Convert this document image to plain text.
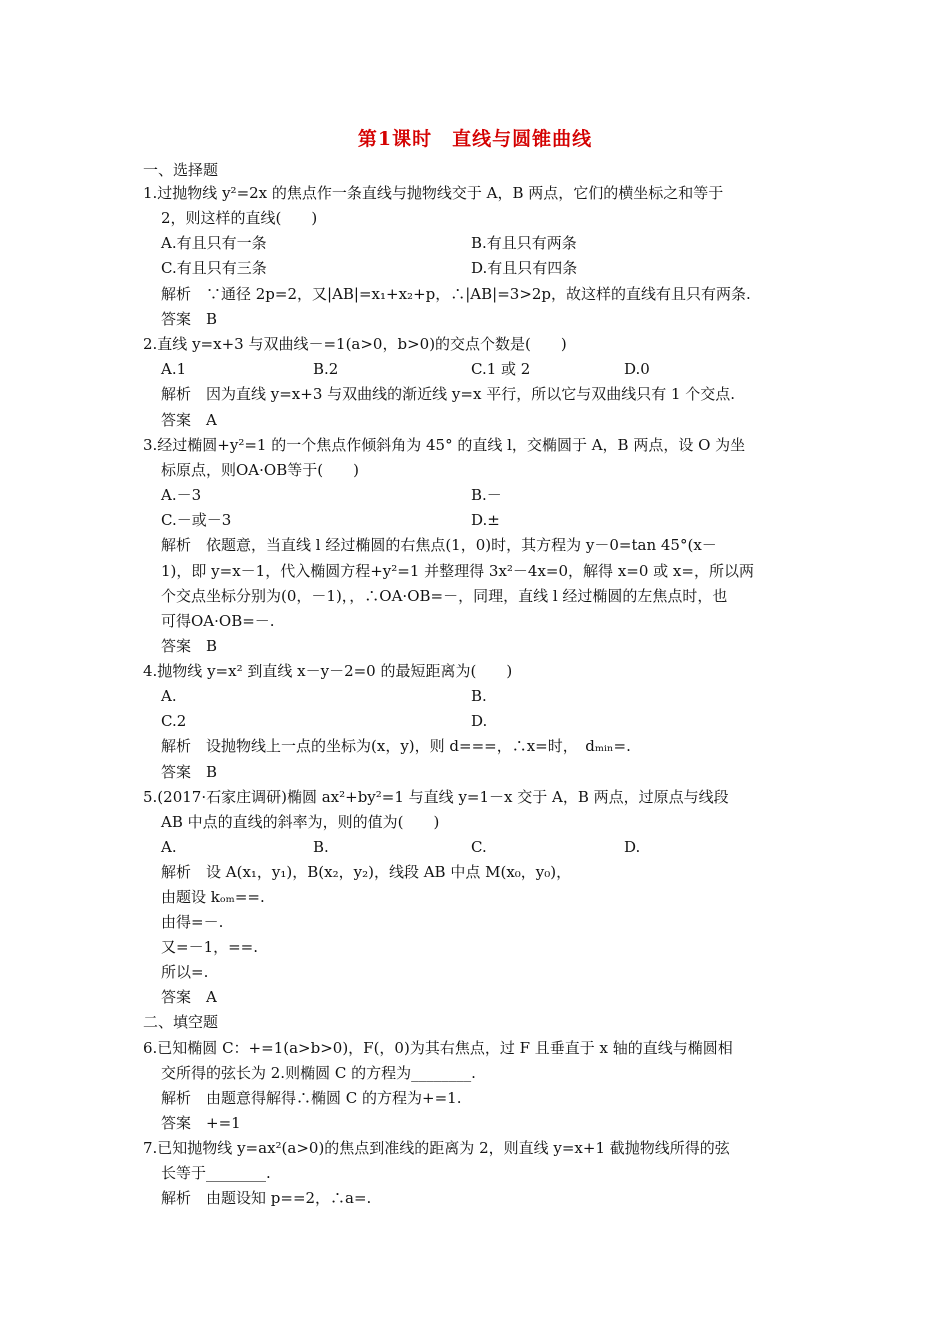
第1课时　直线与圆锥曲线
一、选择题
1.过抛物线 y²=2x 的焦点作一条直线与抛物线交于 A，B 两点，它们的横坐标之和等于
2，则这样的直线(　　)
A.有且只有一条	B.有且只有两条
C.有且只有三条	D.有且只有四条
解析　∵通径 2p=2，又|AB|=x₁+x₂+p，∴|AB|=3>2p，故这样的直线有且只有两条.
答案　B
2.直线 y=x+3 与双曲线－=1(a>0，b>0)的交点个数是(　　)
A.1	B.2	C.1 或 2	D.0
解析　因为直线 y=x+3 与双曲线的渐近线 y=x 平行，所以它与双曲线只有 1 个交点.
答案　A
3.经过椭圆+y²=1 的一个焦点作倾斜角为 45° 的直线 l，交椭圆于 A，B 两点，设 O 为坐
标原点，则OA·OB等于(　　)
A.－3	B.－
C.－或－3	D.±
解析　依题意，当直线 l 经过椭圆的右焦点(1，0)时，其方程为 y－0=tan 45°(x－
1)，即 y=x－1，代入椭圆方程+y²=1 并整理得 3x²－4x=0，解得 x=0 或 x=，所以两
个交点坐标分别为(0，－1)，，∴OA·OB=－，同理，直线 l 经过椭圆的左焦点时，也
可得OA·OB=－.
答案　B
4.抛物线 y=x² 到直线 x－y－2=0 的最短距离为(　　)
A.	B.
C.2	D.
解析　设抛物线上一点的坐标为(x，y)，则 d===，∴x=时，　dₘᵢₙ=.
答案　B
5.(2017·石家庄调研)椭圆 ax²+by²=1 与直线 y=1－x 交于 A，B 两点，过原点与线段
AB 中点的直线的斜率为，则的值为(　　)
A.	B.	C.	D.
解析　设 A(x₁，y₁)，B(x₂，y₂)，线段 AB 中点 M(x₀，y₀)，
由题设 kₒₘ==.
由得=－.
又=－1，==.
所以=.
答案　A
二、填空题
6.已知椭圆 C：+=1(a>b>0)，F(，0)为其右焦点，过 F 且垂直于 x 轴的直线与椭圆相
交所得的弦长为 2.则椭圆 C 的方程为________.
解析　由题意得解得∴椭圆 C 的方程为+=1.
答案　+=1
7.已知抛物线 y=ax²(a>0)的焦点到准线的距离为 2，则直线 y=x+1 截抛物线所得的弦
长等于________.
解析　由题设知 p==2，∴a=.
